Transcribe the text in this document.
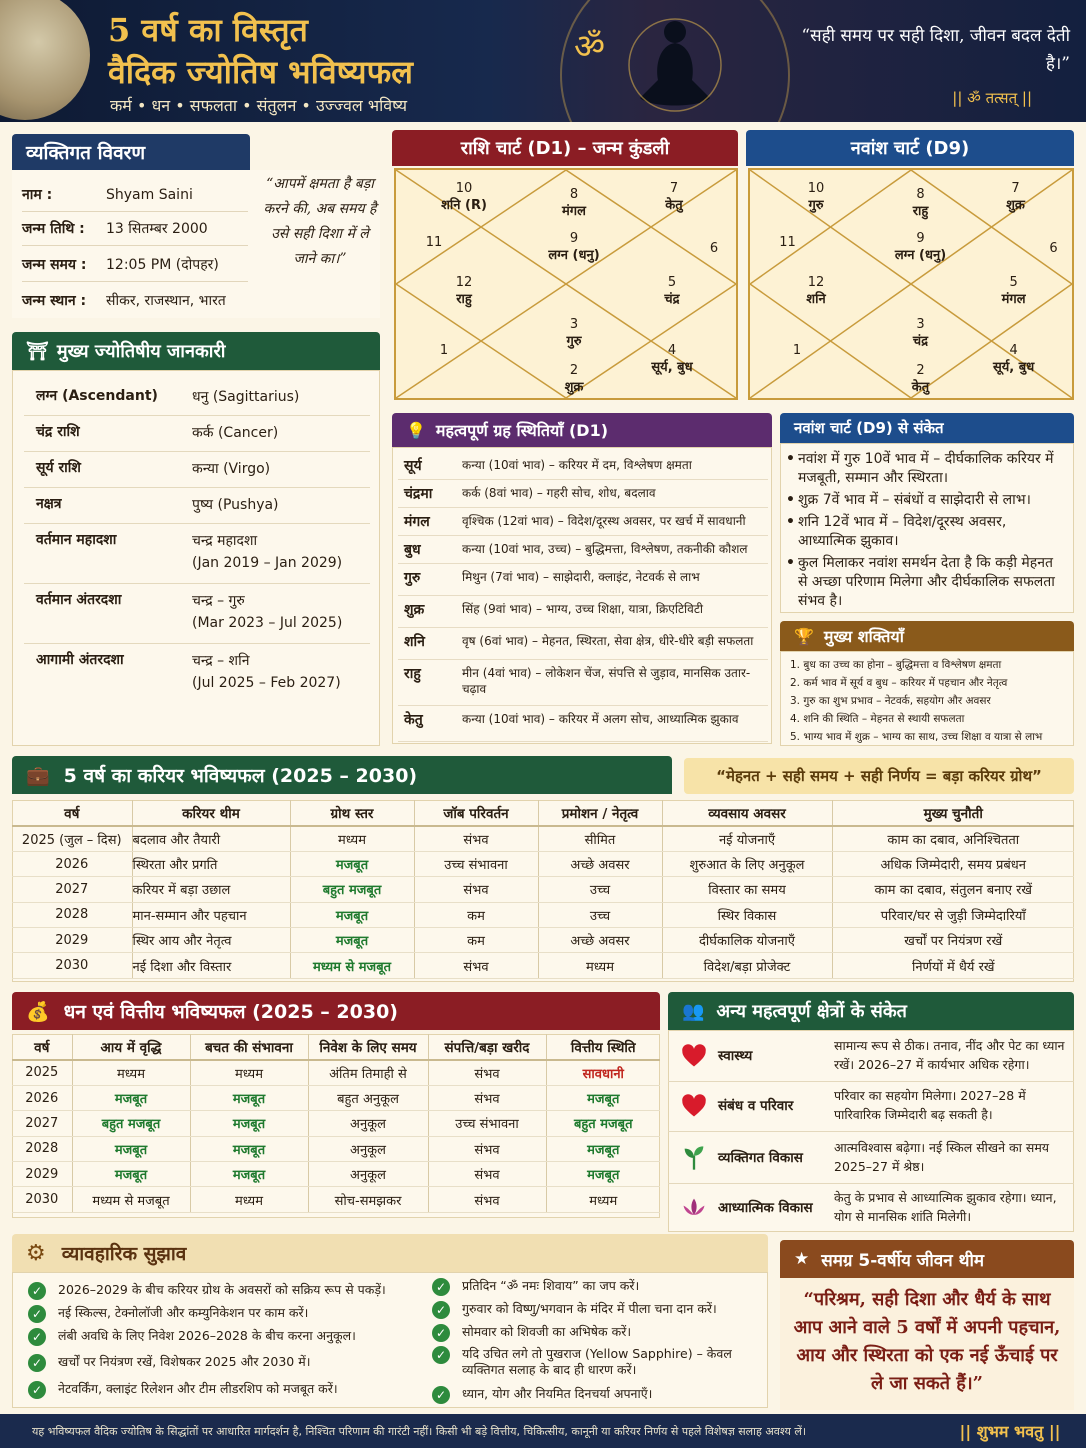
ॐ
5 वर्ष का विस्तृत
वैदिक ज्योतिष भविष्यफल
कर्म • धन • सफलता • संतुलन • उज्ज्वल भविष्य
“सही समय पर सही दिशा, जीवन बदल देती है।”
|| ॐ तत्सत् ||
व्यक्तिगत विवरण
नाम :	Shyam Saini
जन्म तिथि :	13 सितम्बर 2000
जन्म समय :	12:05 PM (दोपहर)
जन्म स्थान :	सीकर, राजस्थान, भारत
“आपमें क्षमता है बड़ा करने की, अब समय है उसे सही दिशा में ले जाने का।”
⛩ मुख्य ज्योतिषीय जानकारी
लग्न (Ascendant) धनु (Sagittarius)
चंद्र राशि	कर्क (Cancer)
सूर्य राशि	कन्या (Virgo)
नक्षत्र	पुष्य (Pushya)
वर्तमान महादशा	चन्द्र महादशा
(Jan 2019 – Jan 2029)
वर्तमान अंतरदशा	चन्द्र – गुरु
(Mar 2023 – Jul 2025)
आगामी अंतरदशा	चन्द्र – शनि
(Jul 2025 – Feb 2027)
राशि चार्ट (D1) – जन्म कुंडली
9
लग्न (धनु)
8
मंगल
10
शनि (R)
11
12
राहु
1
3
गुरु
2
शुक्र
4
सूर्य, बुध
5
चंद्र
6
7
केतु
नवांश चार्ट (D9)
9
लग्न (धनु)
8
राहु
10
गुरु
11
12
शनि
1
3
चंद्र
2
केतु
4
सूर्य, बुध
5
मंगल
6
7
शुक्र
💡 महत्वपूर्ण ग्रह स्थितियाँ (D1)
सूर्य	कन्या (10वां भाव) – करियर में दम, विश्लेषण क्षमता
चंद्रमा कर्क (8वां भाव) – गहरी सोच, शोध, बदलाव
मंगल	वृश्चिक (12वां भाव) – विदेश/दूरस्थ अवसर, पर खर्च में सावधानी
बुध	कन्या (10वां भाव, उच्च) – बुद्धिमत्ता, विश्लेषण, तकनीकी कौशल
गुरु	मिथुन (7वां भाव) – साझेदारी, क्लाइंट, नेटवर्क से लाभ
शुक्र	सिंह (9वां भाव) – भाग्य, उच्च शिक्षा, यात्रा, क्रिएटिविटी
शनि	वृष (6वां भाव) – मेहनत, स्थिरता, सेवा क्षेत्र, धीरे-धीरे बड़ी सफलता
राहु	मीन (4वां भाव) – लोकेशन चेंज, संपत्ति से जुड़ाव, मानसिक उतार-चढ़ाव
केतु	कन्या (10वां भाव) – करियर में अलग सोच, आध्यात्मिक झुकाव
नवांश चार्ट (D9) से संकेत
• नवांश में गुरु 10वें भाव में – दीर्घकालिक करियर में मजबूती, सम्मान और स्थिरता।
• शुक्र 7वें भाव में – संबंधों व साझेदारी से लाभ।
• शनि 12वें भाव में – विदेश/दूरस्थ अवसर, आध्यात्मिक झुकाव।
• कुल मिलाकर नवांश समर्थन देता है कि कड़ी मेहनत से अच्छा परिणाम मिलेगा और दीर्घकालिक सफलता संभव है।
🏆 मुख्य शक्तियाँ
1. बुध का उच्च का होना – बुद्धिमत्ता व विश्लेषण क्षमता
2. कर्म भाव में सूर्य व बुध – करियर में पहचान और नेतृत्व
3. गुरु का शुभ प्रभाव – नेटवर्क, सहयोग और अवसर
4. शनि की स्थिति – मेहनत से स्थायी सफलता
5. भाग्य भाव में शुक्र – भाग्य का साथ, उच्च शिक्षा व यात्रा से लाभ
💼 5 वर्ष का करियर भविष्यफल (2025 – 2030)	“मेहनत + सही समय + सही निर्णय = बड़ा करियर ग्रोथ”
वर्ष	करियर थीम	ग्रोथ स्तर	जॉब परिवर्तन	प्रमोशन / नेतृत्व	व्यवसाय अवसर	मुख्य चुनौती
2025 (जुल – दिस)	बदलाव और तैयारी	मध्यम	संभव	सीमित	नई योजनाएँ	काम का दबाव, अनिश्चितता
2026	स्थिरता और प्रगति	मजबूत	उच्च संभावना	अच्छे अवसर	शुरुआत के लिए अनुकूल	अधिक जिम्मेदारी, समय प्रबंधन
2027	करियर में बड़ा उछाल	बहुत मजबूत	संभव	उच्च	विस्तार का समय	काम का दबाव, संतुलन बनाए रखें
2028	मान-सम्मान और पहचान	मजबूत	कम	उच्च	स्थिर विकास	परिवार/घर से जुड़ी जिम्मेदारियाँ
2029	स्थिर आय और नेतृत्व	मजबूत	कम	अच्छे अवसर	दीर्घकालिक योजनाएँ	खर्चों पर नियंत्रण रखें
2030	नई दिशा और विस्तार	मध्यम से मजबूत	संभव	मध्यम	विदेश/बड़ा प्रोजेक्ट	निर्णयों में धैर्य रखें
💰 धन एवं वित्तीय भविष्यफल (2025 – 2030)
वर्ष	आय में वृद्धि	बचत की संभावना	निवेश के लिए समय	संपत्ति/बड़ा खरीद	वित्तीय स्थिति
2025	मध्यम	मध्यम	अंतिम तिमाही से	संभव	सावधानी
2026	मजबूत	मजबूत	बहुत अनुकूल	संभव	मजबूत
2027	बहुत मजबूत	मजबूत	अनुकूल	उच्च संभावना	बहुत मजबूत
2028	मजबूत	मजबूत	अनुकूल	संभव	मजबूत
2029	मजबूत	मजबूत	अनुकूल	संभव	मजबूत
2030	मध्यम से मजबूत	मध्यम	सोच-समझकर	संभव	मध्यम
👥 अन्य महत्वपूर्ण क्षेत्रों के संकेत
स्वास्थ्य
सामान्य रूप से ठीक। तनाव, नींद और पेट का ध्यान रखें। 2026–27 में कार्यभार अधिक रहेगा।
संबंध व परिवार
परिवार का सहयोग मिलेगा। 2027–28 में पारिवारिक जिम्मेदारी बढ़ सकती है।
व्यक्तिगत विकास
आत्मविश्वास बढ़ेगा। नई स्किल सीखने का समय 2025–27 में श्रेष्ठ।
आध्यात्मिक विकास
केतु के प्रभाव से आध्यात्मिक झुकाव रहेगा। ध्यान, योग से मानसिक शांति मिलेगी।
⚙ व्यावहारिक सुझाव
✓	2026–2029 के बीच करियर ग्रोथ के अवसरों को सक्रिय रूप से पकड़ें।
✓	नई स्किल्स, टेक्नोलॉजी और कम्युनिकेशन पर काम करें।
✓	लंबी अवधि के लिए निवेश 2026–2028 के बीच करना अनुकूल।
✓	खर्चों पर नियंत्रण रखें, विशेषकर 2025 और 2030 में।
✓	नेटवर्किंग, क्लाइंट रिलेशन और टीम लीडरशिप को मजबूत करें।
✓	प्रतिदिन “ॐ नमः शिवाय” का जप करें।
✓	गुरुवार को विष्णु/भगवान के मंदिर में पीला चना दान करें।
✓	सोमवार को शिवजी का अभिषेक करें।
✓	यदि उचित लगे तो पुखराज (Yellow Sapphire) – केवल व्यक्तिगत सलाह के बाद ही धारण करें।
✓	ध्यान, योग और नियमित दिनचर्या अपनाएँ।
★ समग्र 5-वर्षीय जीवन थीम
“परिश्रम, सही दिशा और धैर्य के साथ आप आने वाले 5 वर्षों में अपनी पहचान, आय और स्थिरता को एक नई ऊँचाई पर ले जा सकते हैं।”
यह भविष्यफल वैदिक ज्योतिष के सिद्धांतों पर आधारित मार्गदर्शन है, निश्चित परिणाम की गारंटी नहीं। किसी भी बड़े वित्तीय, चिकित्सीय, कानूनी या करियर निर्णय से पहले विशेषज्ञ सलाह अवश्य लें।	|| शुभम भवतु ||
